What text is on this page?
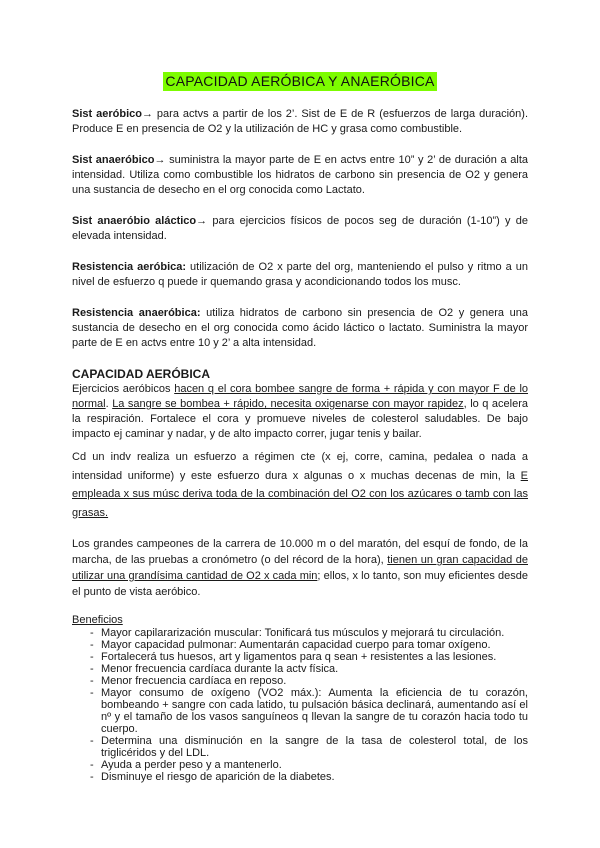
CAPACIDAD AERÓBICA Y ANAERÓBICA

Sist aeróbico→ para actvs a partir de los 2’. Sist de E de R (esfuerzos de larga duración). Produce E en presencia de O2 y la utilización de HC y grasa como combustible.

Sist anaeróbico→ suministra la mayor parte de E en actvs entre 10” y 2’ de duración a alta intensidad. Utiliza como combustible los hidratos de carbono sin presencia de O2 y genera una sustancia de desecho en el org conocida como Lactato.

Sist anaeróbio aláctico→ para ejercicios físicos de pocos seg de duración (1-10”) y de elevada intensidad.

Resistencia aeróbica: utilización de O2 x parte del org, manteniendo el pulso y ritmo a un nivel de esfuerzo q puede ir quemando grasa y acondicionando todos los musc.

Resistencia anaeróbica: utiliza hidratos de carbono sin presencia de O2 y genera una sustancia de desecho en el org conocida como ácido láctico o lactato. Suministra la mayor parte de E en actvs entre 10 y 2’ a alta intensidad.

CAPACIDAD AERÓBICA

Ejercicios aeróbicos hacen q el cora bombee sangre de forma + rápida y con mayor F de lo normal. La sangre se bombea + rápido, necesita oxigenarse con mayor rapidez, lo q acelera la respiración. Fortalece el cora y promueve niveles de colesterol saludables. De bajo impacto ej caminar y nadar, y de alto impacto correr, jugar tenis y bailar.

Cd un indv realiza un esfuerzo a régimen cte (x ej, corre, camina, pedalea o nada a intensidad uniforme) y este esfuerzo dura x algunas o x muchas decenas de min, la E empleada x sus músc deriva toda de la combinación del O2 con los azúcares o tamb con las grasas.

Los grandes campeones de la carrera de 10.000 m o del maratón, del esquí de fondo, de la marcha, de las pruebas a cronómetro (o del récord de la hora), tienen un gran capacidad de utilizar una grandísima cantidad de O2 x cada min; ellos, x lo tanto, son muy eficientes desde el punto de vista aeróbico.

Beneficios
- Mayor capilararización muscular: Tonificará tus músculos y mejorará tu circulación.
- Mayor capacidad pulmonar: Aumentarán capacidad cuerpo para tomar oxígeno.
- Fortalecerá tus huesos, art y ligamentos para q sean + resistentes a las lesiones.
- Menor frecuencia cardíaca durante la actv física.
- Menor frecuencia cardíaca en reposo.
- Mayor consumo de oxígeno (VO2 máx.): Aumenta la eficiencia de tu corazón, bombeando + sangre con cada latido, tu pulsación básica declinará, aumentando así el nº y el tamaño de los vasos sanguíneos q llevan la sangre de tu corazón hacia todo tu cuerpo.
- Determina una disminución en la sangre de la tasa de colesterol total, de los triglicéridos y del LDL.
- Ayuda a perder peso y a mantenerlo.
- Disminuye el riesgo de aparición de la diabetes.
